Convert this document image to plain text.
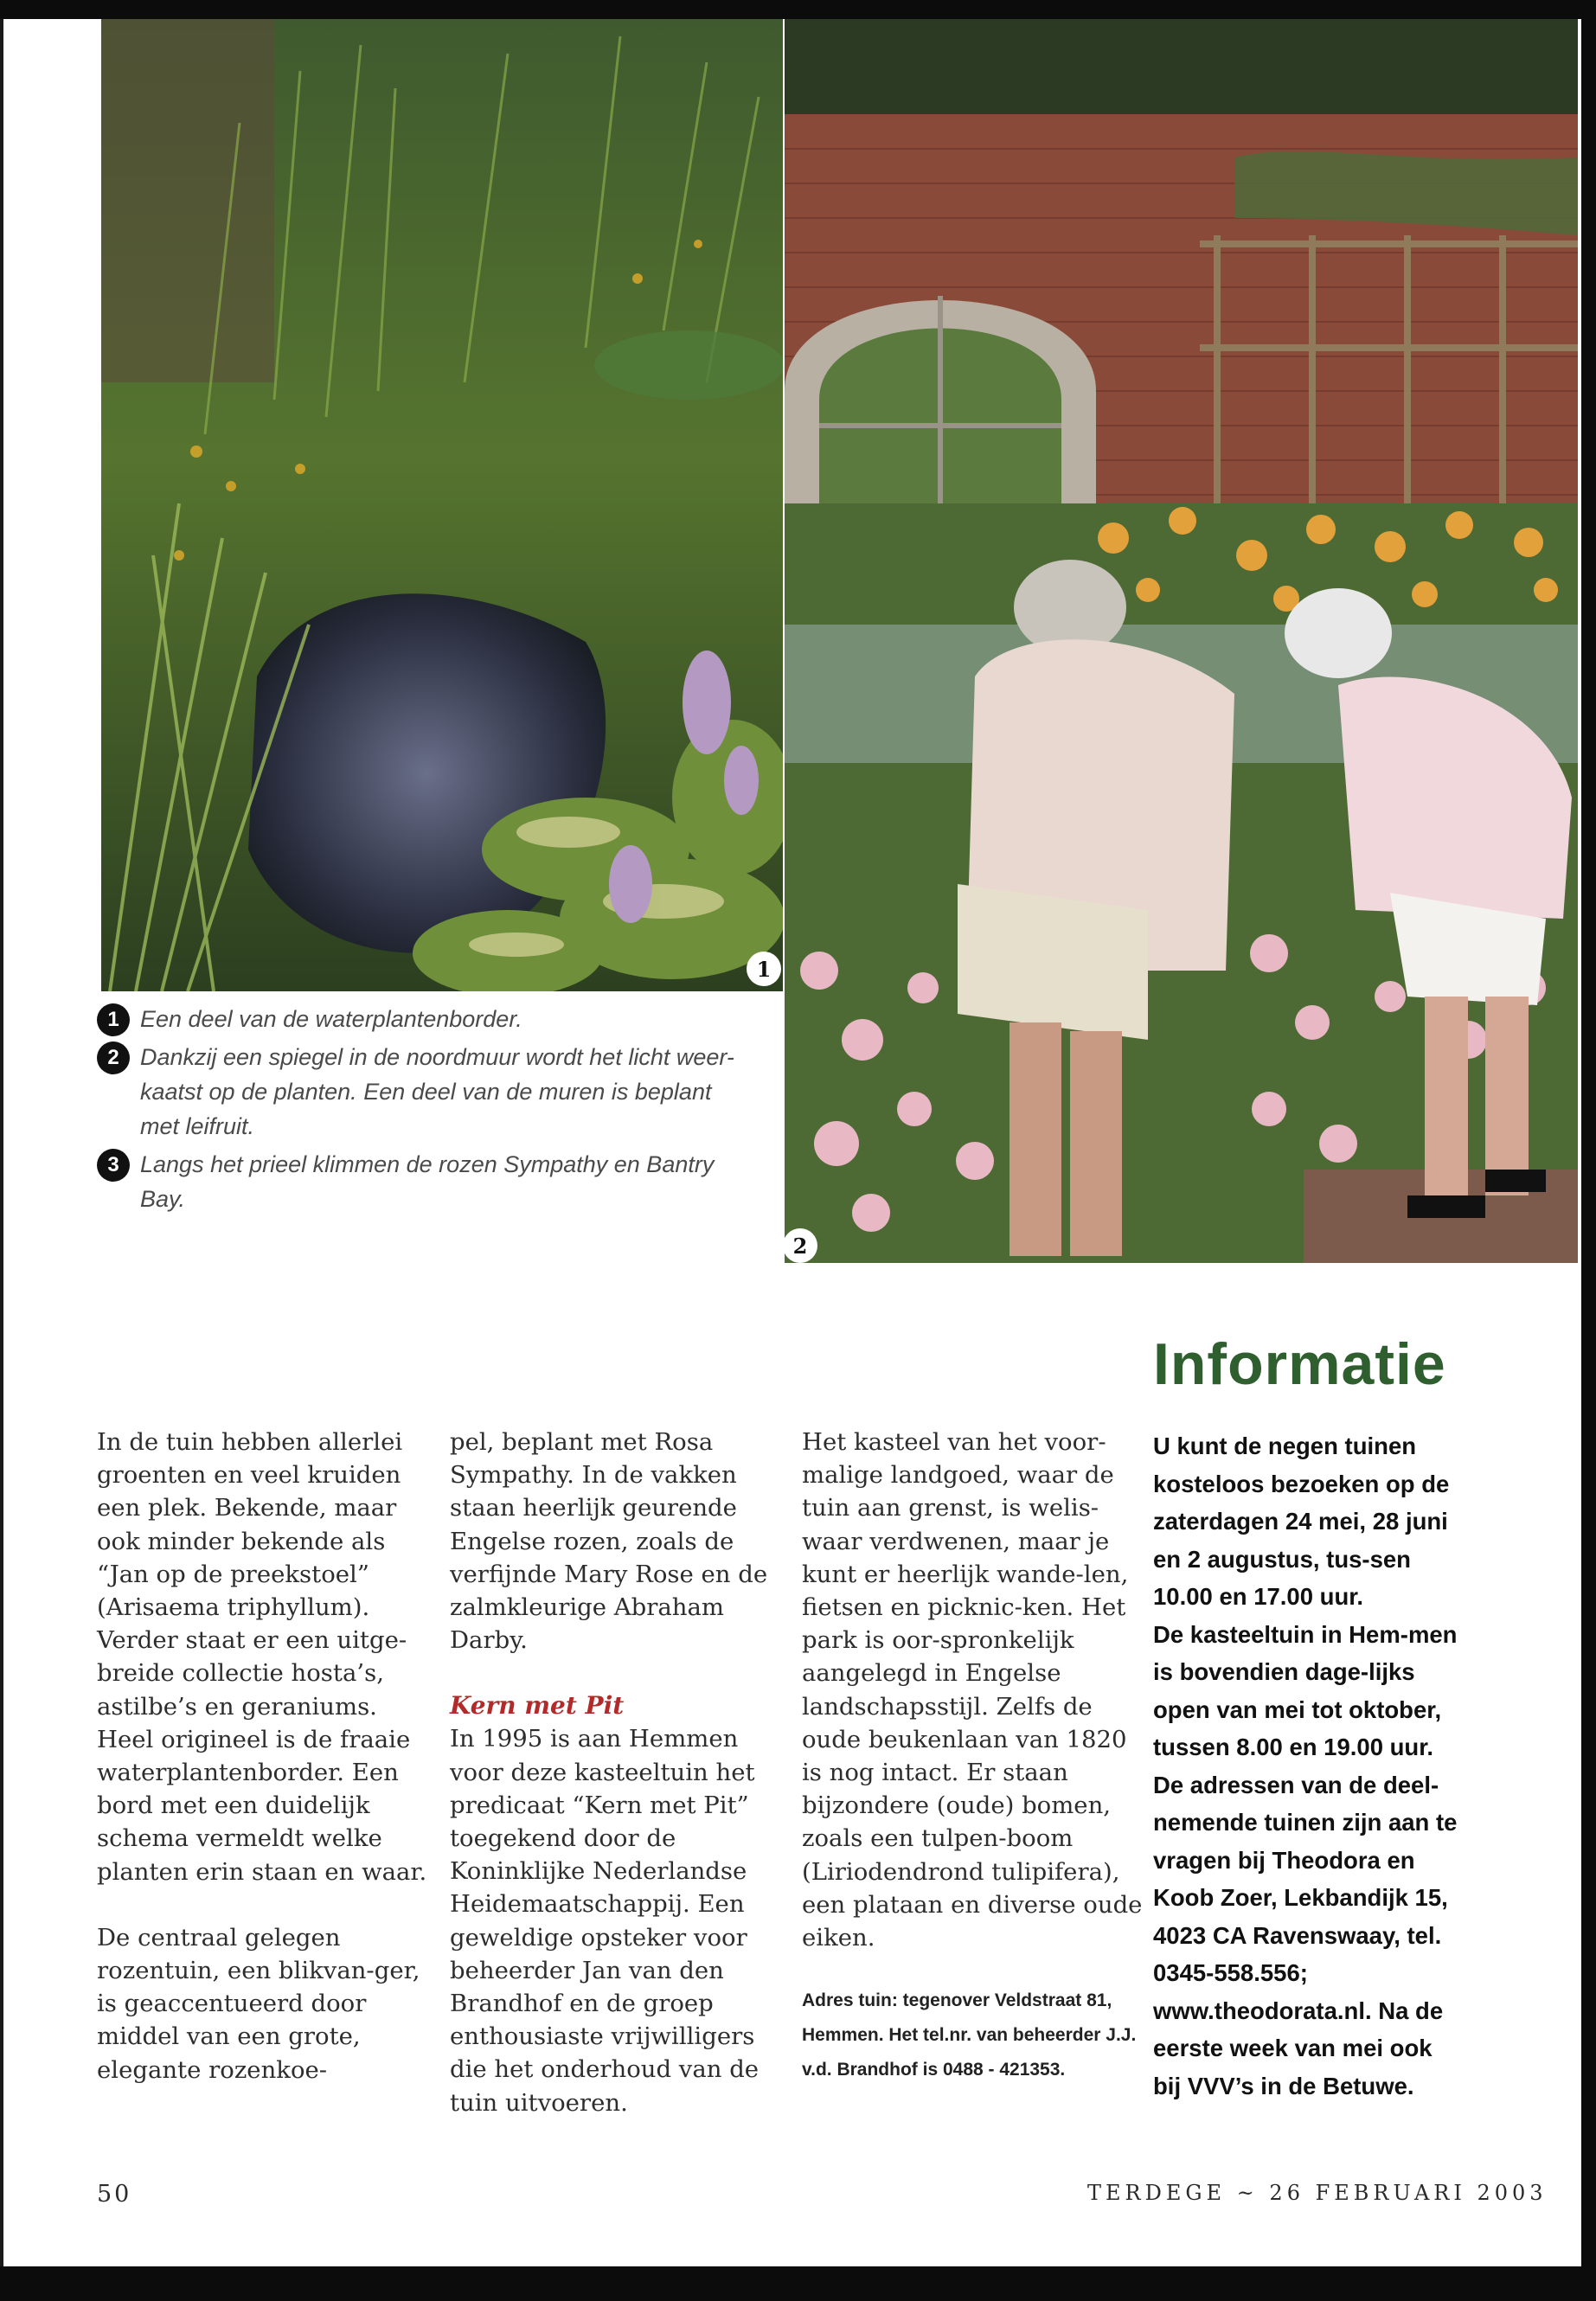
1
2
1 Een deel van de waterplantenborder.
2 Dankzij een spiegel in de noordmuur wordt het licht weer-kaatst op de planten. Een deel van de muren is beplant met leifruit.
3 Langs het prieel klimmen de rozen Sympathy en Bantry Bay.
Informatie

In de tuin hebben allerlei groenten en veel kruiden een plek. Bekende, maar ook minder bekende als “Jan op de preekstoel” (Arisaema triphyllum). Verder staat er een uitge-breide collectie hosta’s, astilbe’s en geraniums. Heel origineel is de fraaie waterplantenborder. Een bord met een duidelijk schema vermeldt welke planten erin staan en waar.

De centraal gelegen rozentuin, een blikvan-ger, is geaccentueerd door middel van een grote, elegante rozenkoe-

pel, beplant met Rosa Sympathy. In de vakken staan heerlijk geurende Engelse rozen, zoals de verfijnde Mary Rose en de zalmkleurige Abraham Darby.

Kern met Pit

In 1995 is aan Hemmen voor deze kasteeltuin het predicaat “Kern met Pit” toegekend door de Koninklijke Nederlandse Heidemaatschappij. Een geweldige opsteker voor beheerder Jan van den Brandhof en de groep enthousiaste vrijwilligers die het onderhoud van de tuin uitvoeren.

Het kasteel van het voor-malige landgoed, waar de tuin aan grenst, is welis-waar verdwenen, maar je kunt er heerlijk wande-len, fietsen en picknic-ken. Het park is oor-spronkelijk aangelegd in Engelse landschapsstijl. Zelfs de oude beukenlaan van 1820 is nog intact. Er staan bijzondere (oude) bomen, zoals een tulpen-boom (Liriodendrond tulipifera), een plataan en diverse oude eiken.

Adres tuin: tegenover Veldstraat 81, Hemmen. Het tel.nr. van beheerder J.J. v.d. Brandhof is 0488 - 421353.

U kunt de negen tuinen kosteloos bezoeken op de zaterdagen 24 mei, 28 juni en 2 augustus, tus-sen 10.00 en 17.00 uur.

De kasteeltuin in Hem-men is bovendien dage-lijks open van mei tot oktober, tussen 8.00 en 19.00 uur.

De adressen van de deel-nemende tuinen zijn aan te vragen bij Theodora en Koob Zoer, Lekbandijk 15, 4023 CA Ravenswaay, tel. 0345-558.556; www.theodorata.nl. Na de eerste week van mei ook bij VVV’s in de Betuwe.

50	TERDEGE ~ 26 FEBRUARI 2003
